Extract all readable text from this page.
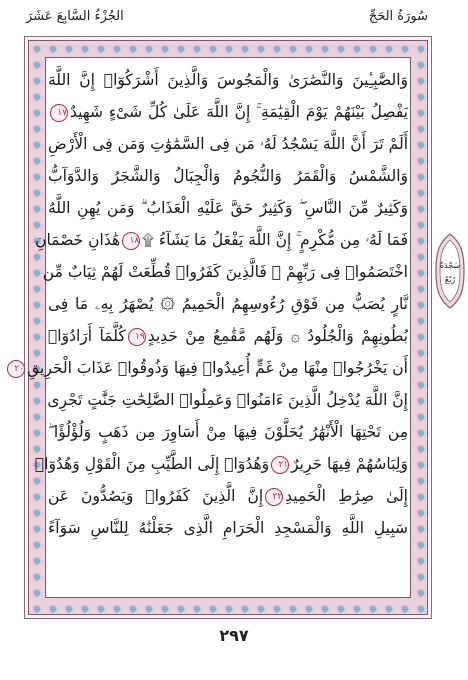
الجُزْءُ السَّابِعَ عَشَرَ	سُورَةُ الحَجِّ
وَالصَّٰبِـِٔينَ وَالنَّصَٰرَىٰ وَالْمَجُوسَ وَالَّذِينَ أَشْرَكُوٓا۟ إِنَّ اللَّهَ
يَفْصِلُ بَيْنَهُمْ يَوْمَ الْقِيَٰمَةِ ۚ إِنَّ اللَّهَ عَلَىٰ كُلِّ شَىْءٍ شَهِيدٌ١٧
أَلَمْ تَرَ أَنَّ اللَّهَ يَسْجُدُ لَهُۥ مَن فِى السَّمَٰوَٰتِ وَمَن فِى الْأَرْضِ
وَالشَّمْسُ وَالْقَمَرُ وَالنُّجُومُ وَالْجِبَالُ وَالشَّجَرُ وَالدَّوَآبُّ
وَكَثِيرٌ مِّنَ النَّاسِ ۖ وَكَثِيرٌ حَقَّ عَلَيْهِ الْعَذَابُ ۗ وَمَن يُهِنِ اللَّهُ
فَمَا لَهُۥ مِن مُّكْرِمٍ ۚ إِنَّ اللَّهَ يَفْعَلُ مَا يَشَآءُ ۩١٨هَٰذَانِ خَصْمَانِ
اخْتَصَمُوا۟ فِى رَبِّهِمْ ۖ فَالَّذِينَ كَفَرُوا۟ قُطِّعَتْ لَهُمْ ثِيَابٌ مِّن
نَّارٍ يُصَبُّ مِن فَوْقِ رُءُوسِهِمُ الْحَمِيمُ ۞ يُصْهَرُ بِهِۦ مَا فِى
بُطُونِهِمْ وَالْجُلُودُ ۞ وَلَهُم مَّقَٰمِعُ مِنْ حَدِيدٍ١٩كُلَّمَآ أَرَادُوٓا۟
أَن يَخْرُجُوا۟ مِنْهَا مِنْ غَمٍّ أُعِيدُوا۟ فِيهَا وَذُوقُوا۟ عَذَابَ الْحَرِيقِ٢٠
إِنَّ اللَّهَ يُدْخِلُ الَّذِينَ ءَامَنُوا۟ وَعَمِلُوا۟ الصَّٰلِحَٰتِ جَنَّٰتٍ تَجْرِى
مِن تَحْتِهَا الْأَنْهَٰرُ يُحَلَّوْنَ فِيهَا مِنْ أَسَاوِرَ مِن ذَهَبٍ وَلُؤْلُؤًا ۖ
وَلِبَاسُهُمْ فِيهَا حَرِيرٌ٢١وَهُدُوٓا۟ إِلَى الطَّيِّبِ مِنَ الْقَوْلِ وَهُدُوٓا۟
إِلَىٰ صِرَٰطِ الْحَمِيدِ٢٢إِنَّ الَّذِينَ كَفَرُوا۟ وَيَصُدُّونَ عَن
سَبِيلِ اللَّهِ وَالْمَسْجِدِ الْحَرَامِ الَّذِى جَعَلْنَٰهُ لِلنَّاسِ سَوَآءً
سَجْدَةٌ
رُبْعٌ
٢٩٧
